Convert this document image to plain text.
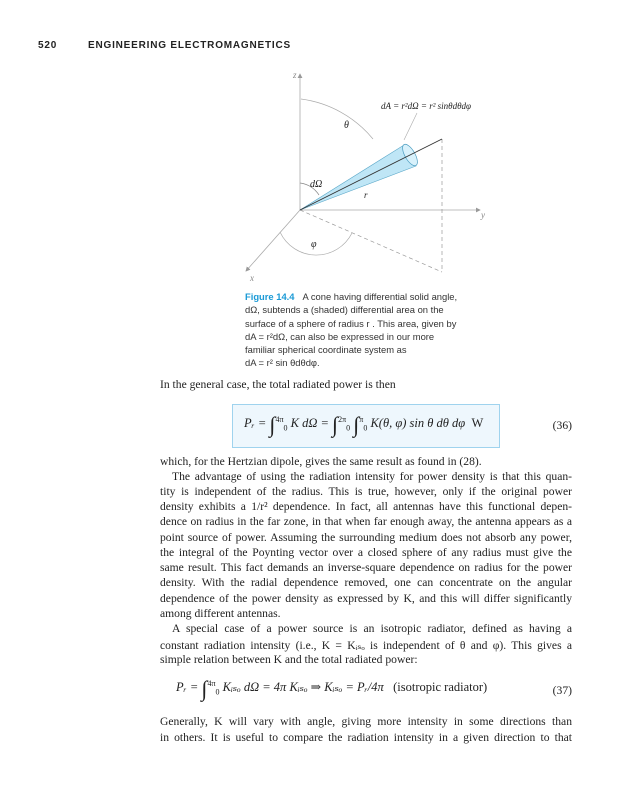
520	ENGINEERING ELECTROMAGNETICS
z
y
x
θ
dΩ
r
φ
dA = r²dΩ = r² sinθdθdφ
Figure 14.4 A cone having differential solid angle,
dΩ, subtends a (shaded) differential area on the
surface of a sphere of radius r . This area, given by
dA = r²dΩ, can also be expressed in our more
familiar spherical coordinate system as
dA = r² sin θdθdφ.
In the general case, the total radiated power is then
Pᵣ = ∫$^{4\pi}_0$ K dΩ = ∫$^{2\pi}_0$ ∫$^\pi_0$ K(θ, φ) sin θ dθ dφ W	(36)
which, for the Hertzian dipole, gives the same result as found in (28).
The advantage of using the radiation intensity for power density is that this quan-
tity is independent of the radius. This is true, however, only if the original power
density exhibits a 1/r² dependence. In fact, all antennas have this functional depen-
dence on radius in the far zone, in that when far enough away, the antenna appears as a
point source of power. Assuming the surrounding medium does not absorb any power,
the integral of the Poynting vector over a closed sphere of any radius must give the
same result. This fact demands an inverse-square dependence on radius for the power
density. With the radial dependence removed, one can concentrate on the angular
dependence of the power density as expressed by K, and this will differ significantly
among different antennas.
A special case of a power source is an isotropic radiator, defined as having a
constant radiation intensity (i.e., K = Kᵢₛₒ is independent of θ and φ). This gives a
simple relation between K and the total radiated power:
Pᵣ = ∫$^{4\pi}_0$ Kᵢₛₒ dΩ = 4π Kᵢₛₒ ⇒ Kᵢₛₒ = Pᵣ/4π (isotropic radiator)	(37)
Generally, K will vary with angle, giving more intensity in some directions than
in others. It is useful to compare the radiation intensity in a given direction to that
